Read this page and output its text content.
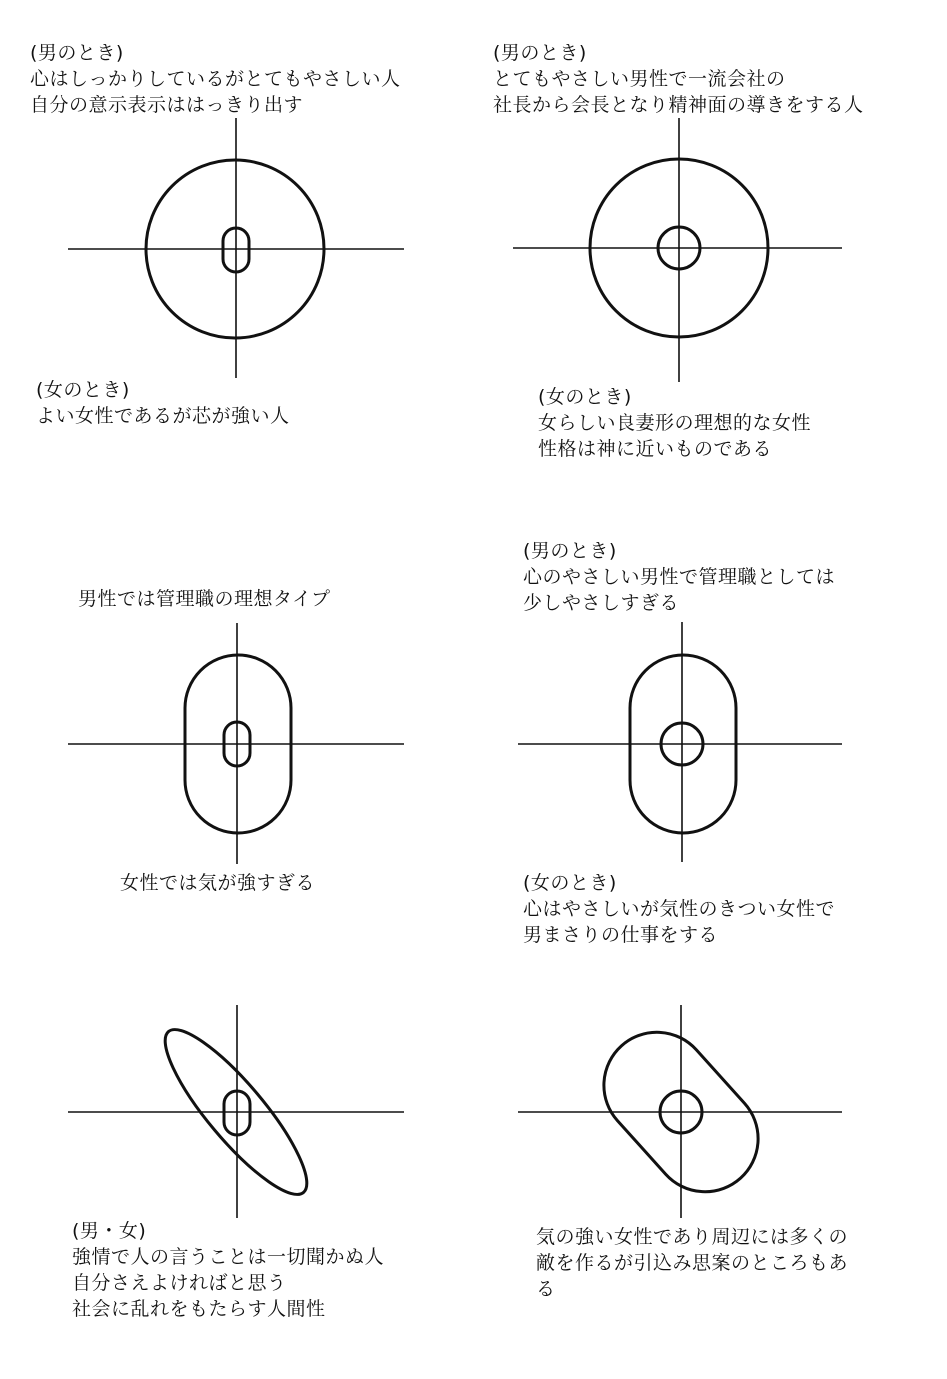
(男のとき)
心はしっかりしているがとてもやさしい人
自分の意示表示ははっきり出す
(女のとき)
よい女性であるが芯が強い人
(男のとき)
とてもやさしい男性で一流会社の
社長から会長となり精神面の導きをする人
(女のとき)
女らしい良妻形の理想的な女性
性格は神に近いものである
男性では管理職の理想タイプ
女性では気が強すぎる
(男のとき)
心のやさしい男性で管理職としては
少しやさしすぎる
(女のとき)
心はやさしいが気性のきつい女性で
男まさりの仕事をする
(男・女)
強情で人の言うことは一切聞かぬ人
自分さえよければと思う
社会に乱れをもたらす人間性
気の強い女性であり周辺には多くの
敵を作るが引込み思案のところもあ
る
